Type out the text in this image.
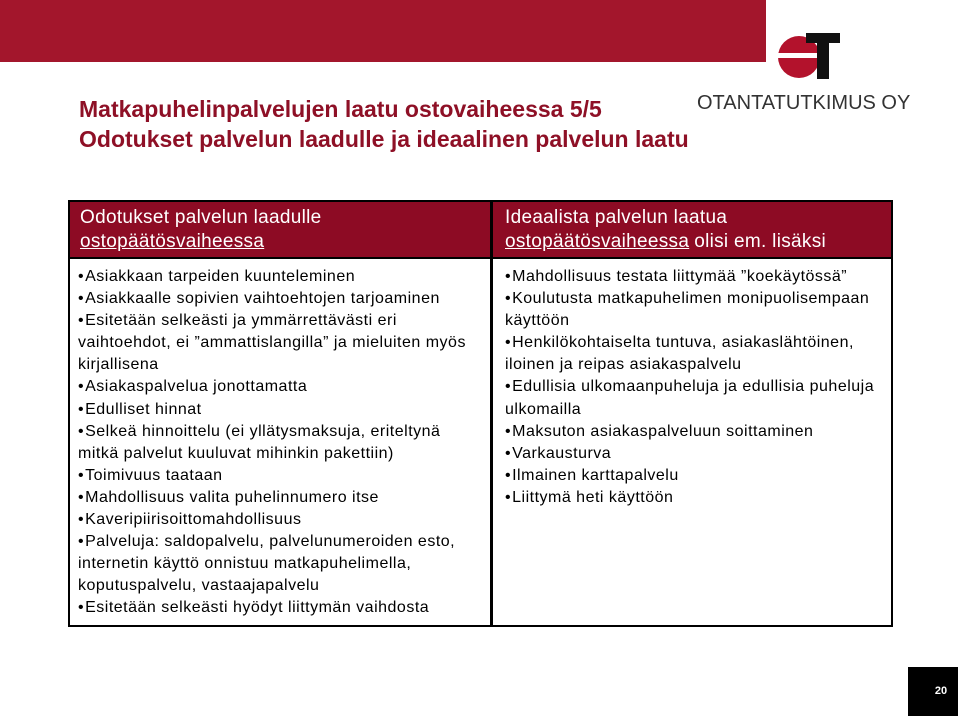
OTANTATUTKIMUS OY
Matkapuhelinpalvelujen laatu ostovaiheessa 5/5
Odotukset palvelun laadulle ja ideaalinen palvelun laatu
Odotukset palvelun laadulle
ostopäätösvaiheessa
Ideaalista palvelun laatua
ostopäätösvaiheessa olisi em. lisäksi
•Asiakkaan tarpeiden kuunteleminen
•Asiakkaalle sopivien vaihtoehtojen tarjoaminen
•Esitetään selkeästi ja ymmärrettävästi eri
vaihtoehdot, ei ”ammattislangilla” ja mieluiten myös
kirjallisena
•Asiakaspalvelua jonottamatta
•Edulliset hinnat
•Selkeä hinnoittelu (ei yllätysmaksuja, eriteltynä
mitkä palvelut kuuluvat mihinkin pakettiin)
•Toimivuus taataan
•Mahdollisuus valita puhelinnumero itse
•Kaveripiirisoittomahdollisuus
•Palveluja: saldopalvelu, palvelunumeroiden esto,
internetin käyttö onnistuu matkapuhelimella,
koputuspalvelu, vastaajapalvelu
•Esitetään selkeästi hyödyt liittymän vaihdosta
•Mahdollisuus testata liittymää ”koekäytössä”
•Koulutusta matkapuhelimen monipuolisempaan
käyttöön
•Henkilökohtaiselta tuntuva, asiakaslähtöinen,
iloinen ja reipas asiakaspalvelu
•Edullisia ulkomaanpuheluja ja edullisia puheluja
ulkomailla
•Maksuton asiakaspalveluun soittaminen
•Varkausturva
•Ilmainen karttapalvelu
•Liittymä heti käyttöön
20
